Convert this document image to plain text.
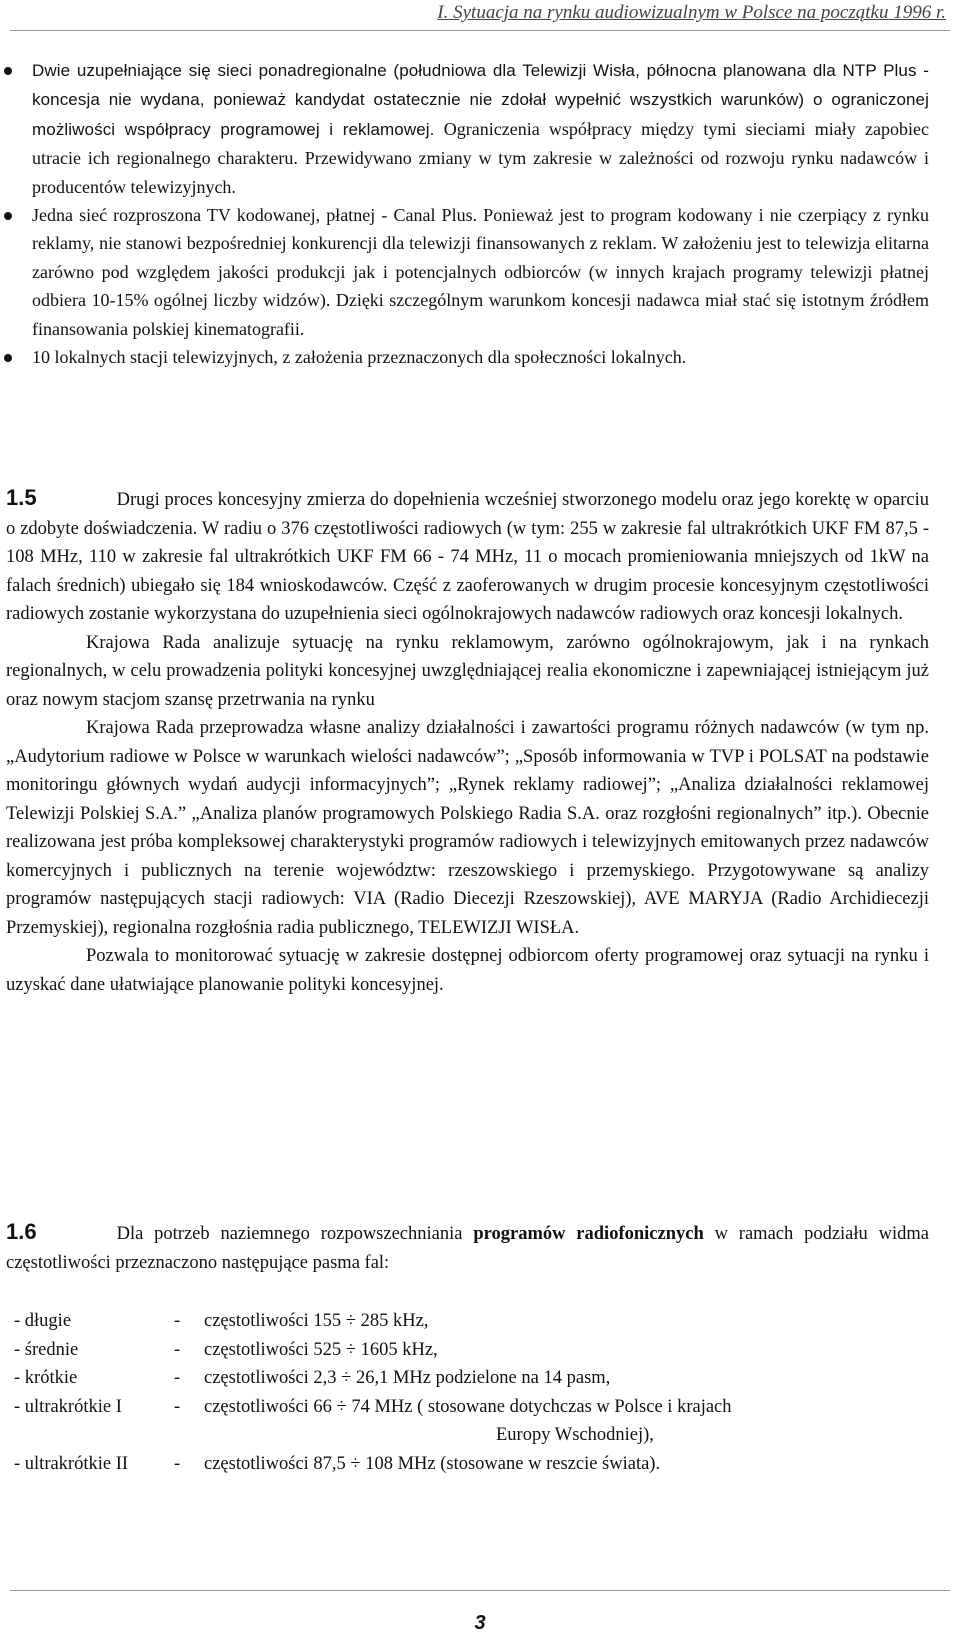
I. Sytuacja na rynku audiowizualnym w Polsce na początku 1996 r.
Dwie uzupełniające się sieci ponadregionalne (południowa dla Telewizji Wisła, północna planowana dla NTP Plus - koncesja nie wydana, ponieważ kandydat ostatecznie nie zdołał wypełnić wszystkich warunków) o ograniczonej możliwości współpracy programowej i reklamowej. Ograniczenia współpracy między tymi sieciami miały zapobiec utracie ich regionalnego charakteru. Przewidywano zmiany w tym zakresie w zależności od rozwoju rynku nadawców i producentów telewizyjnych.
Jedna sieć rozproszona TV kodowanej, płatnej - Canal Plus. Ponieważ jest to program kodowany i nie czerpiący z rynku reklamy, nie stanowi bezpośredniej konkurencji dla telewizji finansowanych z reklam. W założeniu jest to telewizja elitarna zarówno pod względem jakości produkcji jak i potencjalnych odbiorców (w innych krajach programy telewizji płatnej odbiera 10-15% ogólnej liczby widzów). Dzięki szczególnym warunkom koncesji nadawca miał stać się istotnym źródłem finansowania polskiej kinematografii.
10 lokalnych stacji telewizyjnych, z założenia przeznaczonych dla społeczności lokalnych.

1.5	Drugi proces koncesyjny zmierza do dopełnienia wcześniej stworzonego modelu oraz jego korektę w oparciu o zdobyte doświadczenia. W radiu o 376 częstotliwości radiowych (w tym: 255 w zakresie fal ultrakrótkich UKF FM 87,5 - 108 MHz, 110 w zakresie fal ultrakrótkich UKF FM 66 - 74 MHz, 11 o mocach promieniowania mniejszych od 1kW na falach średnich) ubiegało się 184 wnioskodawców. Część z zaoferowanych w drugim procesie koncesyjnym częstotliwości radiowych zostanie wykorzystana do uzupełnienia sieci ogólnokrajowych nadawców radiowych oraz koncesji lokalnych.

Krajowa Rada analizuje sytuację na rynku reklamowym, zarówno ogólnokrajowym, jak i na rynkach regionalnych, w celu prowadzenia polityki koncesyjnej uwzględniającej realia ekonomiczne i zapewniającej istniejącym już oraz nowym stacjom szansę przetrwania na rynku

Krajowa Rada przeprowadza własne analizy działalności i zawartości programu różnych nadawców (w tym np. „Audytorium radiowe w Polsce w warunkach wielości nadawców”; „Sposób informowania w TVP i POLSAT na podstawie monitoringu głównych wydań audycji informacyjnych”; „Rynek reklamy radiowej”; „Analiza działalności reklamowej Telewizji Polskiej S.A.” „Analiza planów programowych Polskiego Radia S.A. oraz rozgłośni regionalnych” itp.). Obecnie realizowana jest próba kompleksowej charakterystyki programów radiowych i telewizyjnych emitowanych przez nadawców komercyjnych i publicznych na terenie województw: rzeszowskiego i przemyskiego. Przygotowywane są analizy programów następujących stacji radiowych: VIA (Radio Diecezji Rzeszowskiej), AVE MARYJA (Radio Archidiecezji Przemyskiej), regionalna rozgłośnia radia publicznego, TELEWIZJI WISŁA.

Pozwala to monitorować sytuację w zakresie dostępnej odbiorcom oferty programowej oraz sytuacji na rynku i uzyskać dane ułatwiające planowanie polityki koncesyjnej.

1.6	Dla potrzeb naziemnego rozpowszechniania programów radiofonicznych w ramach podziału widma częstotliwości przeznaczono następujące pasma fal:

- długie	-	częstotliwości 155 ÷ 285 kHz,
- średnie	-	częstotliwości 525 ÷ 1605 kHz,
- krótkie	-	częstotliwości 2,3 ÷ 26,1 MHz podzielone na 14 pasm,
- ultrakrótkie I	-	częstotliwości 66 ÷ 74 MHz ( stosowane dotychczas w Polsce i krajach
Europy Wschodniej),
- ultrakrótkie II	-	częstotliwości 87,5 ÷ 108 MHz (stosowane w reszcie świata).
3
